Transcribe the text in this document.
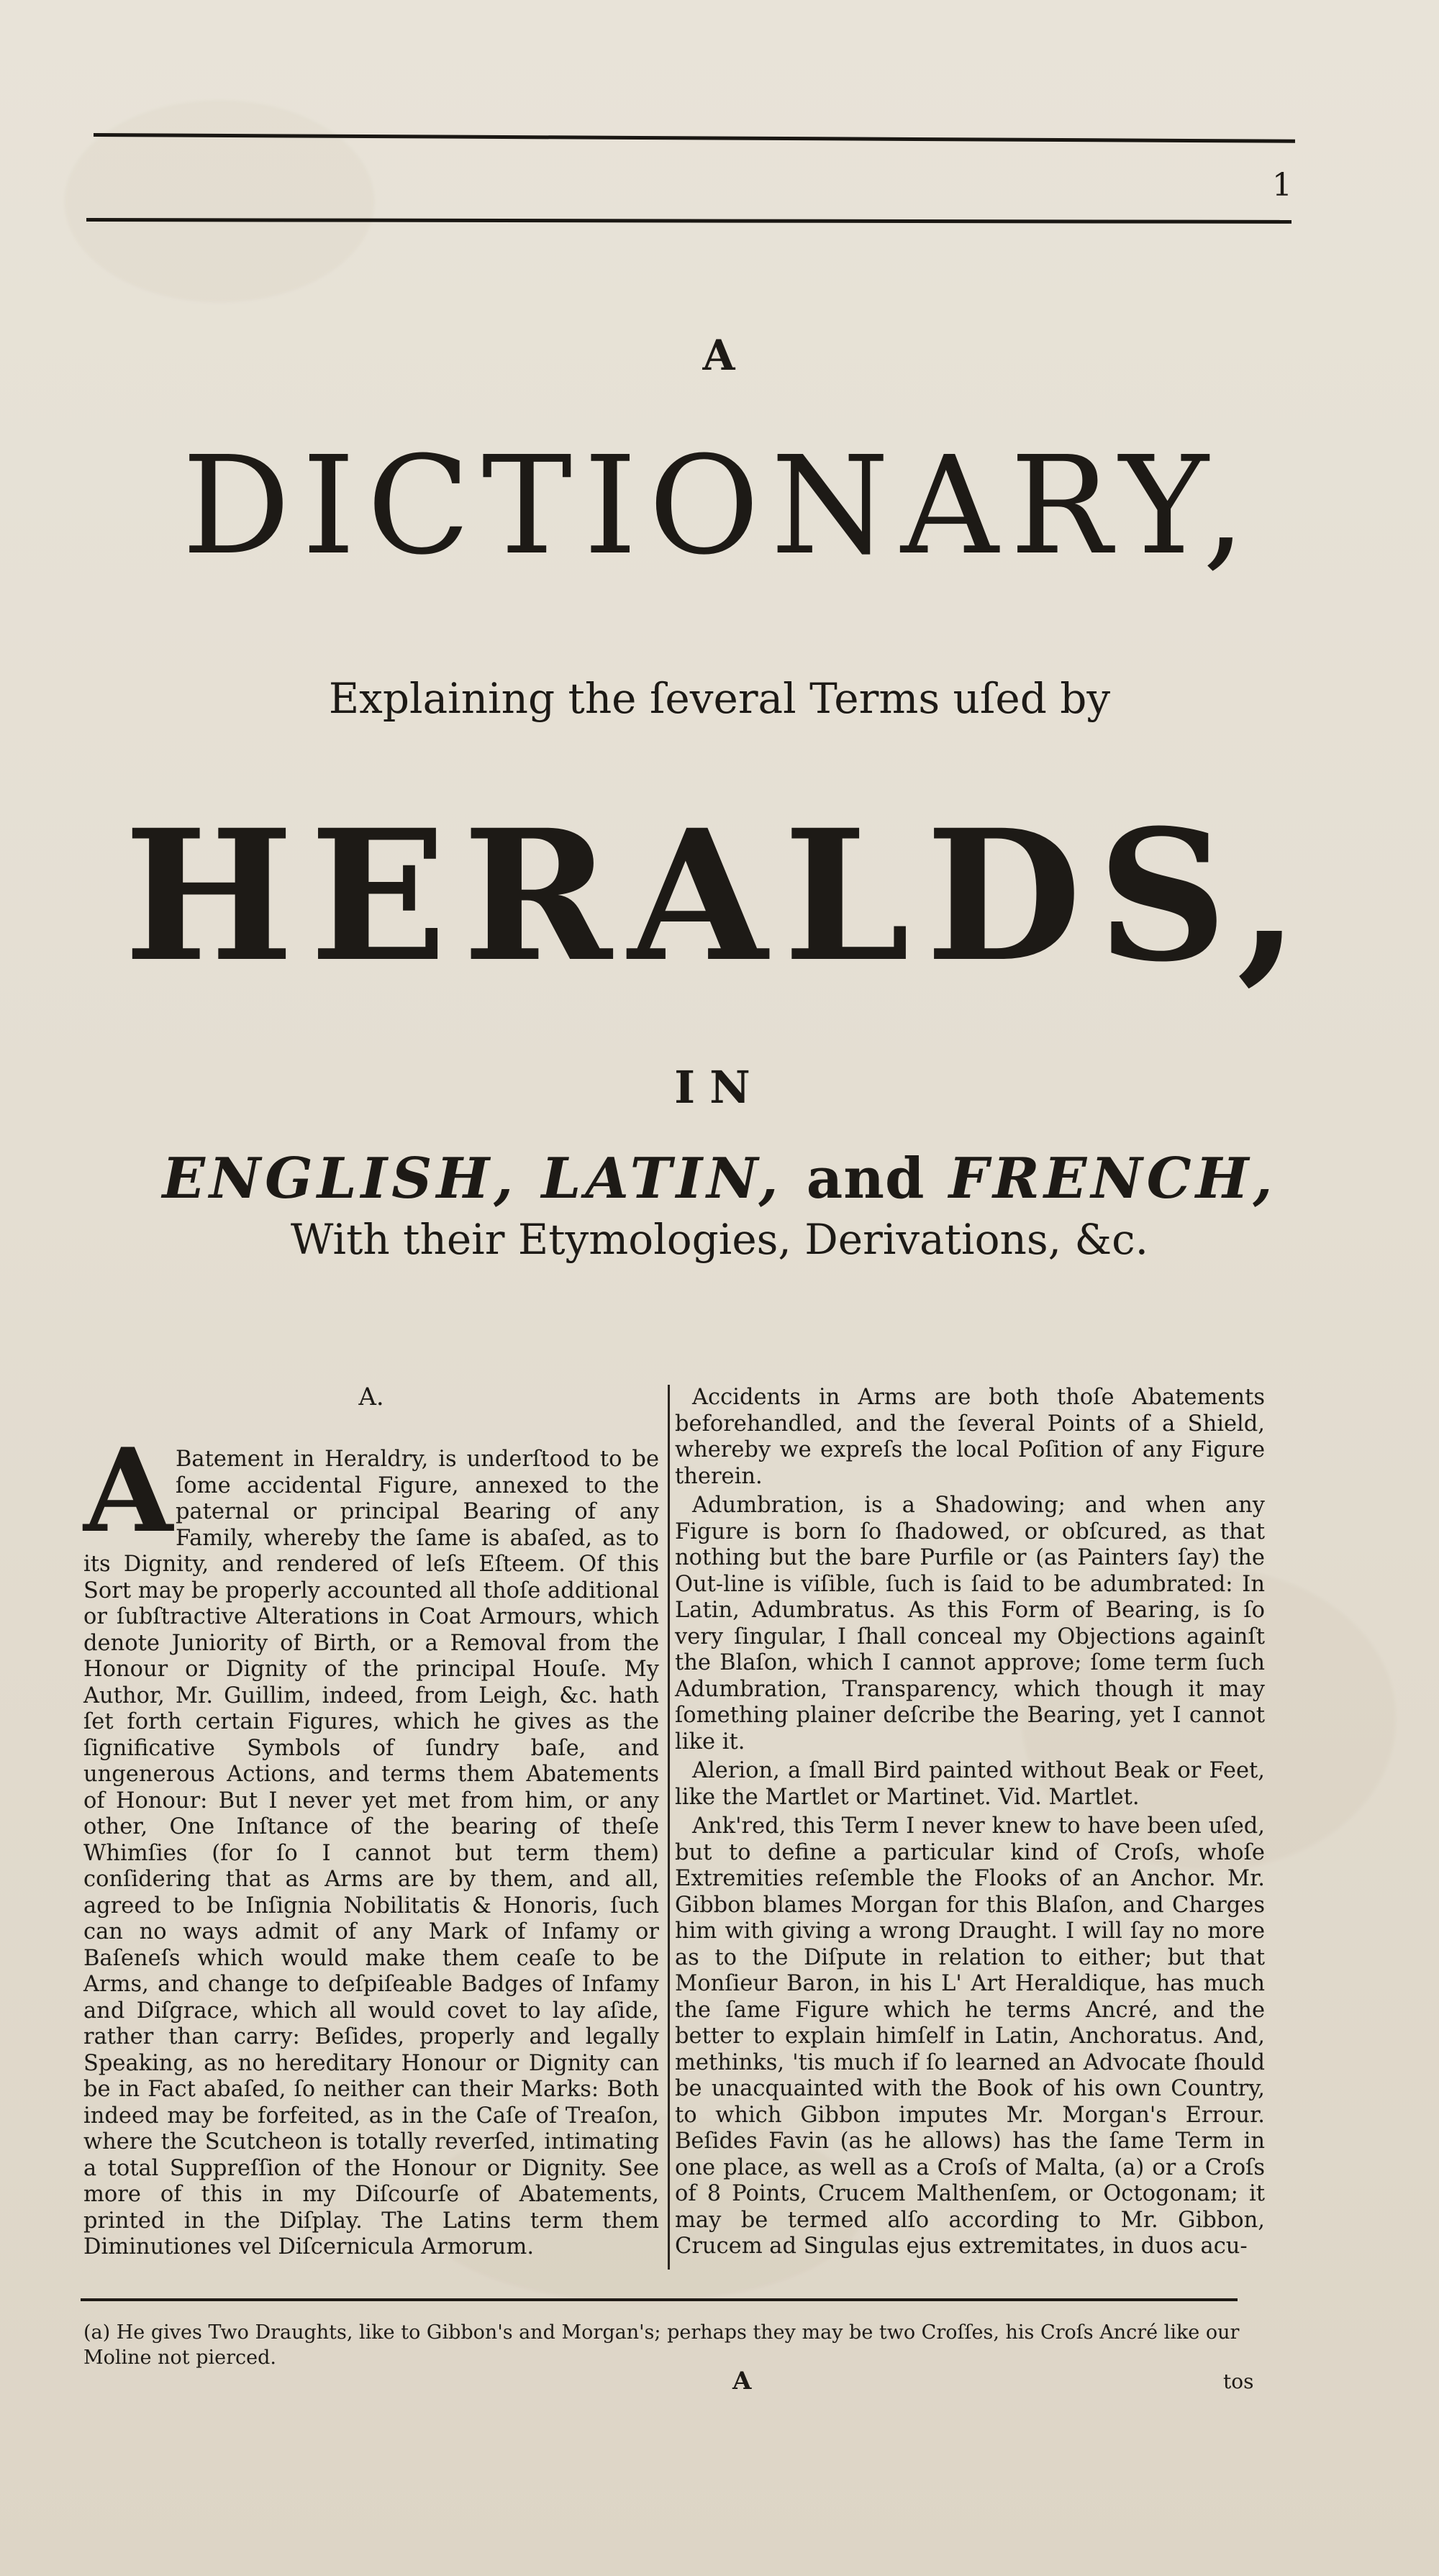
1
A
DICTIONARY,
Explaining the ſeveral Terms uſed by
HERALDS,
IN
ENGLISH, LATIN, and FRENCH,
With their Etymologies, Derivations, &c.
A.
A Batement in Heraldry, is underſtood to be ſome accidental Figure, annexed to the paternal or principal Bearing of any Family, whereby the ſame is abaſed, as to its Dignity, and rendered of leſs Eſteem. Of this Sort may be properly accounted all thoſe additional or ſubſtractive Alterations in Coat Armours, which denote Juniority of Birth, or a Removal from the Honour or Dignity of the principal Houſe. My Author, Mr. Guillim, indeed, from Leigh, &c. hath ſet forth certain Figures, which he gives as the ſignificative Symbols of ſundry baſe, and ungenerous Actions, and terms them Abatements of Honour: But I never yet met from him, or any other, One Inſtance of the bearing of theſe Whimſies (for ſo I cannot but term them) conſidering that as Arms are by them, and all, agreed to be Inſignia Nobilitatis & Honoris, ſuch can no ways admit of any Mark of Infamy or Baſeneſs which would make them ceaſe to be Arms, and change to deſpiſeable Badges of Infamy and Diſgrace, which all would covet to lay aſide, rather than carry: Beſides, properly and legally Speaking, as no hereditary Honour or Dignity can be in Fact abaſed, ſo neither can their Marks: Both indeed may be forfeited, as in the Caſe of Treaſon, where the Scutcheon is totally reverſed, intimating a total Suppreſſion of the Honour or Dignity. See more of this in my Diſcourſe of Abatements, printed in the Diſplay. The Latins term them Diminutiones vel Diſcernicula Armorum.

Accidents in Arms are both thoſe Abatements beforehandled, and the ſeveral Points of a Shield, whereby we expreſs the local Poſition of any Figure therein.

Adumbration, is a Shadowing; and when any Figure is born ſo ſhadowed, or obſcured, as that nothing but the bare Purfile or (as Painters ſay) the Out-line is viſible, ſuch is ſaid to be adumbrated: In Latin, Adumbratus. As this Form of Bearing, is ſo very ſingular, I ſhall conceal my Objections againſt the Blaſon, which I cannot approve; ſome term ſuch Adumbration, Transparency, which though it may ſomething plainer deſcribe the Bearing, yet I cannot like it.

Alerion, a ſmall Bird painted without Beak or Feet, like the Martlet or Martinet. Vid. Martlet.

Ank'red, this Term I never knew to have been uſed, but to define a particular kind of Croſs, whoſe Extremities reſemble the Flooks of an Anchor. Mr. Gibbon blames Morgan for this Blaſon, and Charges him with giving a wrong Draught. I will ſay no more as to the Diſpute in relation to either; but that Monſieur Baron, in his L' Art Heraldique, has much the ſame Figure which he terms Ancré, and the better to explain himſelf in Latin, Anchoratus. And, methinks, 'tis much if ſo learned an Advocate ſhould be unacquainted with the Book of his own Country, to which Gibbon imputes Mr. Morgan's Errour. Beſides Favin (as he allows) has the ſame Term in one place, as well as a Croſs of Malta, (a) or a Croſs of 8 Points, Crucem Malthenſem, or Octogonam; it may be termed alſo according to Mr. Gibbon, Crucem ad Singulas ejus extremitates, in duos acu-

(a) He gives Two Draughts, like to Gibbon's and Morgan's; perhaps they may be two Croſſes, his Croſs Ancré like our Moline not pierced.
A	tos
